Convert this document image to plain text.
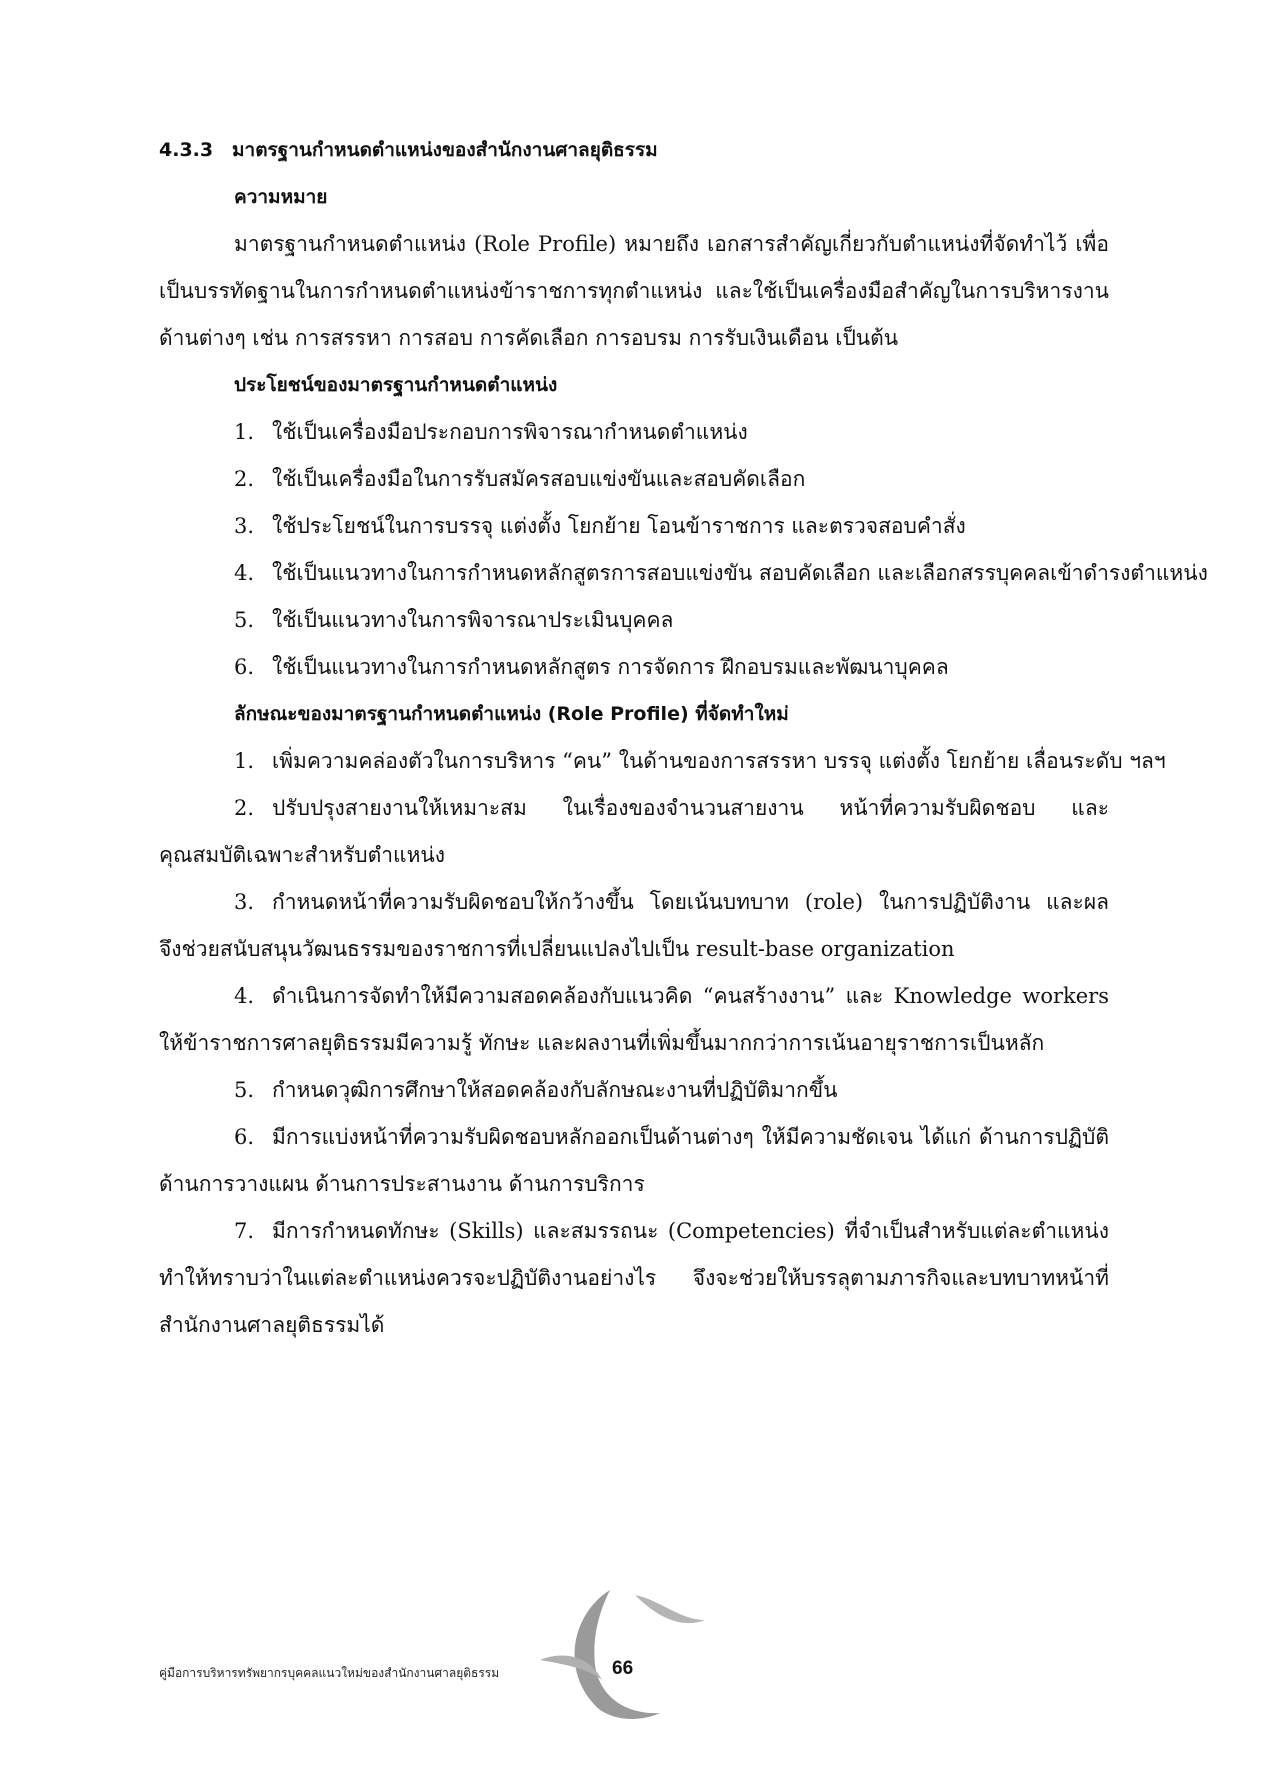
4.3.3 มาตรฐานกำหนดตำแหน่งของสำนักงานศาลยุติธรรม
ความหมาย
มาตรฐานกำหนดตำแหน่ง (Role Profile) หมายถึง เอกสารสำคัญเกี่ยวกับตำแหน่งที่จัดทำไว้ เพื่อ
เป็นบรรทัดฐานในการกำหนดตำแหน่งข้าราชการทุกตำแหน่ง และใช้เป็นเครื่องมือสำคัญในการบริหารงาน
ด้านต่างๆ เช่น การสรรหา การสอบ การคัดเลือก การอบรม การรับเงินเดือน เป็นต้น
ประโยชน์ของมาตรฐานกำหนดตำแหน่ง
1. ใช้เป็นเครื่องมือประกอบการพิจารณากำหนดตำแหน่ง
2. ใช้เป็นเครื่องมือในการรับสมัครสอบแข่งขันและสอบคัดเลือก
3. ใช้ประโยชน์ในการบรรจุ แต่งตั้ง โยกย้าย โอนข้าราชการ และตรวจสอบคำสั่ง
4. ใช้เป็นแนวทางในการกำหนดหลักสูตรการสอบแข่งขัน สอบคัดเลือก และเลือกสรรบุคคลเข้าดำรงตำแหน่ง
5. ใช้เป็นแนวทางในการพิจารณาประเมินบุคคล
6. ใช้เป็นแนวทางในการกำหนดหลักสูตร การจัดการ ฝึกอบรมและพัฒนาบุคคล
ลักษณะของมาตรฐานกำหนดตำแหน่ง (Role Profile) ที่จัดทำใหม่
1. เพิ่มความคล่องตัวในการบริหาร “คน” ในด้านของการสรรหา บรรจุ แต่งตั้ง โยกย้าย เลื่อนระดับ ฯลฯ
2. ปรับปรุงสายงานให้เหมาะสม ในเรื่องของจำนวนสายงาน หน้าที่ความรับผิดชอบ และ
คุณสมบัติเฉพาะสำหรับตำแหน่ง
3. กำหนดหน้าที่ความรับผิดชอบให้กว้างขึ้น โดยเน้นบทบาท (role) ในการปฏิบัติงาน และผล
จึงช่วยสนับสนุนวัฒนธรรมของราชการที่เปลี่ยนแปลงไปเป็น result-base organization
4. ดำเนินการจัดทำให้มีความสอดคล้องกับแนวคิด “คนสร้างงาน” และ Knowledge workers
ให้ข้าราชการศาลยุติธรรมมีความรู้ ทักษะ และผลงานที่เพิ่มขึ้นมากกว่าการเน้นอายุราชการเป็นหลัก
5. กำหนดวุฒิการศึกษาให้สอดคล้องกับลักษณะงานที่ปฏิบัติมากขึ้น
6. มีการแบ่งหน้าที่ความรับผิดชอบหลักออกเป็นด้านต่างๆ ให้มีความชัดเจน ได้แก่ ด้านการปฏิบัติ
ด้านการวางแผน ด้านการประสานงาน ด้านการบริการ
7. มีการกำหนดทักษะ (Skills) และสมรรถนะ (Competencies) ที่จำเป็นสำหรับแต่ละตำแหน่ง
ทำให้ทราบว่าในแต่ละตำแหน่งควรจะปฏิบัติงานอย่างไร จึงจะช่วยให้บรรลุตามภารกิจและบทบาทหน้าที่
สำนักงานศาลยุติธรรมได้
คู่มือการบริหารทรัพยากรบุคคลแนวใหม่ของสำนักงานศาลยุติธรรม	66
